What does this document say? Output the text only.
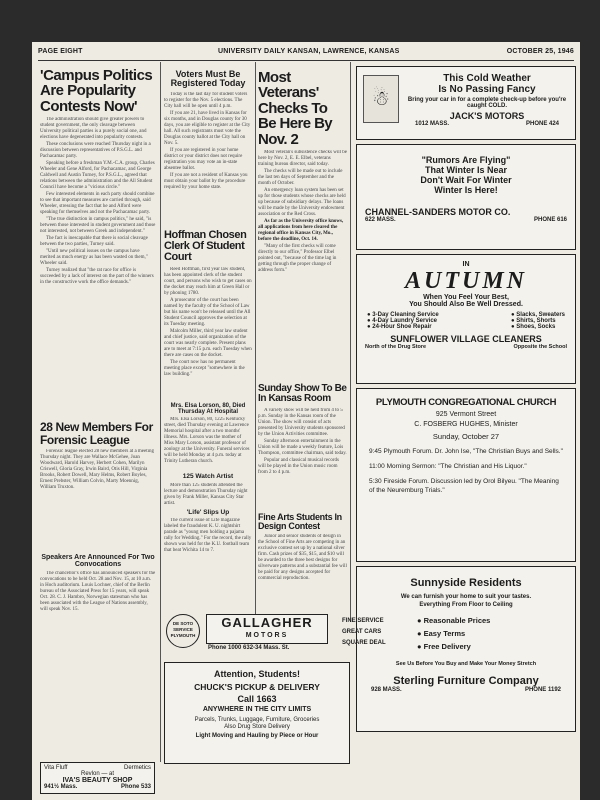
PAGE EIGHT	UNIVERSITY DAILY KANSAN, LAWRENCE, KANSAS	OCTOBER 25, 1946
'Campus Politics Are Popularity Contests Now'

The administration should give greater powers to student government, the only cleavage between University political parties is a purely social one, and elections have degenerated into popularity contests.

These conclusions were reached Thursday night in a discussion between representatives of P.S.G.L. and Pachacamac party.

Speaking before a freshman Y.M.-C.A. group, Charles Wheeler and Gene Alford, for Pachacamac, and George Caldwell and Austin Turney, for P.S.G.L., agreed that relations between the administration and the All Student Council have become a "vicious circle."

Few interested elements in each party should combine to see that important measures are carried through, said Wheeler, stressing the fact that he and Alford were speaking for themselves and not the Pachacamac party.

"The true distinction in campus politics," he said, "is between those interested in student government and those not interested, not between Greek and independent."

The fact is inescapable that there is social cleavage between the two parties, Turney said.

"Until new political issues on the campus have merited as much energy as has been wasted on them," Wheeler said.

Turney realized that "the rat race for office is succeeded by a lack of interest on the part of the winners in the constructive work the office demands."

28 New Members For Forensic League

Forensic league elected 28 new members at a meeting Thursday night. They are Wallace McGehee, Joan Woodward, Harold Harvey, Herbert Cohen, Marilyn Criswell, Gloria Gray, Irwin Baird, Otis Hill, Virginia Brooks, Robert Dowell, Mary Helms, Robert Boyles, Ernest Prebster, William Colvin, Marty Moennig, William Truxton.

Speakers Are Announced For Two Convocations

The chancellor's office has announced speakers for the convocations to be held Oct. 28 and Nov. 15, at 10 a.m. in Hoch auditorium. Louis Lochner, chief of the Berlin bureau of the Associated Press for 15 years, will speak Oct. 28. C. J. Hambro, Norwegian statesman who has been associated with the League of Nations assembly, will speak Nov. 15.

Vita Fluff	Dermetics
Revlon — at
IVA'S BEAUTY SHOP
941½ Mass.	Phone 533
Voters Must Be Registered Today

Today is the last day for student voters to register for the Nov. 5 elections. The City hall will be open until 4 p.m.

If you are 21, have lived in Kansas for six months, and in Douglas county for 30 days, you are eligible to register at the City hall. All such registrants must vote the Douglas county ballot at the City hall on Nov. 5.

If you are registered in your home district or your district does not require registration you may vote an in-state absentee ballot.

If you are not a resident of Kansas you must obtain your ballot by the procedure required by your home state.

Hoffman Chosen Clerk Of Student Court

Reed Hoffman, first year law student, has been appointed clerk of the student court, and persons who wish to get cases on the docket may reach him at Green Hall or by phoning 1780.

A prosecutor of the court has been named by the faculty of the School of Law but his name won't be released until the All Student Council approves the selection at its Tuesday meeting.

Malcolm Miller, third year law student and chief justice, said organization of the court was nearly complete. Present plans are to meet at 7:15 p.m. each Tuesday when there are cases on the docket.

The court now has no permanent meeting place except "somewhere in the law building."

Mrs. Elsa Lorson, 80, Died Thursday At Hospital

Mrs. Elsa Lorson, 80, 1225 Kentucky street, died Thursday evening at Lawrence Memorial hospital after a two months' illness. Mrs. Lorson was the mother of Miss Mary Lorson, assistant professor of zoology at the University. Funeral services will be held Monday at 4 p.m. today at Trinity Lutheran church.

125 Watch Artist

More than 125 students attended the lecture and demonstration Thursday night given by Frank Miller, Kansas City Star artist.

'Life' Slips Up

The current issue of Life magazine labeled the fraudulent K. U. nightshirt parade as "young men holding a pajama rally for Wedding." For the record, the rally shown was held for the K.U. football team that beat Wichita 14 to 7.

Most Veterans' Checks To Be Here By Nov. 2

Most veteran's subsistence checks will be here by Nov. 2, E. E. Elbel, veterans training bureau director, said today.

The checks will be made out to include the last ten days of September and the month of October.

An emergency loan system has been set up for those students whose checks are held up because of subsidiary delays. The loans will be made by the University endowment association or the Red Cross.

As far as the University office knows, all applications from here cleared the regional office in Kansas City, Mo., before the deadline, Oct. 14.

"Many of the first checks will come directly to our office," Professor Elbel pointed out, "because of the time lag in getting through the proper change of address form."

Sunday Show To Be In Kansas Room

A variety show will be held from 4 to 5 p.m. Sunday in the Kansas room of the Union. The show will consist of acts presented by University students sponsored by the Union Activities committee.

Sunday afternoon entertainment in the Union will be made a weekly feature, Lois Thompson, committee chairman, said today.

Popular and classical musical records will be played in the Union music room from 2 to 4 p.m.

Fine Arts Students In Design Contest

Junior and senior students of design in the School of Fine Arts are competing in an exclusive contest set up by a national silver firm. Cash prizes of $35, $15, and $10 will be awarded to the three best designs for silverware patterns and a substantial fee will be paid for any designs accepted for commercial reproduction.

☃
This Cold Weather
Is No Passing Fancy
Bring your car in for a complete check-up before you're caught COLD.
JACK'S MOTORS
1012 MASS.	PHONE 424
"Rumors Are Flying"
That Winter Is Near
Don't Wait For Winter
Winter Is Here!
CHANNEL-SANDERS MOTOR CO.
622 MASS.	PHONE 616
IN
AUTUMN
When You Feel Your Best,
You Should Also Be Well Dressed.
● 3-Day Cleaning Service
● 4-Day Laundry Service
● 24-Hour Shoe Repair
● Slacks, Sweaters
● Shirts, Shorts
● Shoes, Socks
SUNFLOWER VILLAGE CLEANERS
North of the Drug Store	Opposite the School
PLYMOUTH CONGREGATIONAL CHURCH
925 Vermont Street
C. FOSBERG HUGHES, Minister
Sunday, October 27
9:45 Plymouth Forum. Dr. John Ise, "The Christian Buys and Sells."
11:00 Morning Sermon: "The Christian and His Liquor."
5:30 Fireside Forum. Discussion led by Orol Bilyeu. "The Meaning of the Neuremburg Trials."
Sunnyside Residents
We can furnish your home to suit your tastes.
Everything From Floor to Ceiling
● Reasonable Prices
● Easy Terms
● Free Delivery
See Us Before You Buy and Make Your Money Stretch
Sterling Furniture Company
928 MASS.	PHONE 1192
DE SOTO SERVICE PLYMOUTH
GALLAGHER
MOTORS
Phone 1000 632-34 Mass. St.
FINE SERVICE
GREAT CARS
SQUARE DEAL
Attention, Students!
CHUCK'S PICKUP & DELIVERY
Call 1663
ANYWHERE IN THE CITY LIMITS
Parcels, Trunks, Luggage, Furniture, Groceries
Also Drug Store Delivery
Light Moving and Hauling by Piece or Hour
